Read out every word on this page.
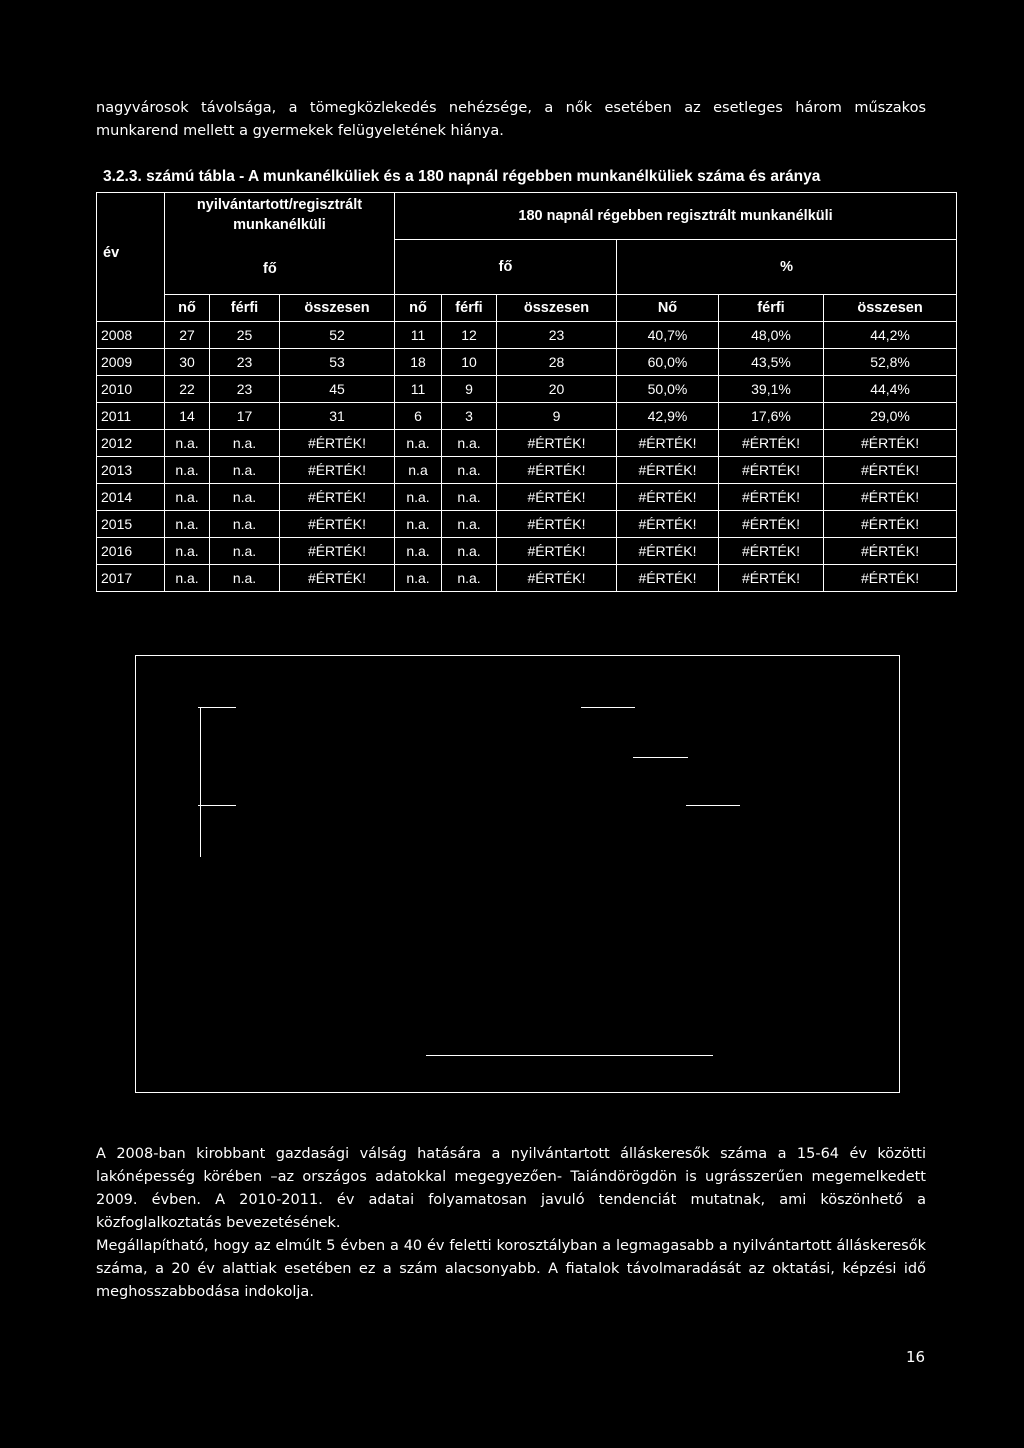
nagyvárosok távolsága, a tömegközlekedés nehézsége, a nők esetében az esetleges három műszakos munkarend mellett a gyermekek felügyeletének hiánya.

3.2.3. számú tábla - A munkanélküliek és a 180 napnál régebben munkanélküliek száma és aránya

év	nyilvántartott/regisztrált munkanélküli			180 napnál régebben regisztrált munkanélküli					
				fő			%		
	nő	férfi	összesen	nő	férfi	összesen	Nő	férfi	összesen
2008	27	25	52	11	12	23	40,7%	48,0%	44,2%
2009	30	23	53	18	10	28	60,0%	43,5%	52,8%
2010	22	23	45	11	9	20	50,0%	39,1%	44,4%
2011	14	17	31	6	3	9	42,9%	17,6%	29,0%
2012	n.a.	n.a.	#ÉRTÉK!	n.a.	n.a.	#ÉRTÉK!	#ÉRTÉK!	#ÉRTÉK!	#ÉRTÉK!
2013	n.a.	n.a.	#ÉRTÉK!	n.a	n.a.	#ÉRTÉK!	#ÉRTÉK!	#ÉRTÉK!	#ÉRTÉK!
2014	n.a.	n.a.	#ÉRTÉK!	n.a.	n.a.	#ÉRTÉK!	#ÉRTÉK!	#ÉRTÉK!	#ÉRTÉK!
2015	n.a.	n.a.	#ÉRTÉK!	n.a.	n.a.	#ÉRTÉK!	#ÉRTÉK!	#ÉRTÉK!	#ÉRTÉK!
2016	n.a.	n.a.	#ÉRTÉK!	n.a.	n.a.	#ÉRTÉK!	#ÉRTÉK!	#ÉRTÉK!	#ÉRTÉK!
2017	n.a.	n.a.	#ÉRTÉK!	n.a.	n.a.	#ÉRTÉK!	#ÉRTÉK!	#ÉRTÉK!	#ÉRTÉK!
fő

A 2008-ban kirobbant gazdasági válság hatására a nyilvántartott álláskeresők száma a 15-64 év közötti lakónépesség körében –az országos adatokkal megegyezően- Taiándörögdön is ugrásszerűen megemelkedett 2009. évben. A 2010-2011. év adatai folyamatosan javuló tendenciát mutatnak, ami köszönhető a közfoglalkoztatás bevezetésének.

Megállapítható, hogy az elmúlt 5 évben a 40 év feletti korosztályban a legmagasabb a nyilvántartott álláskeresők száma, a 20 év alattiak esetében ez a szám alacsonyabb. A fiatalok távolmaradását az oktatási, képzési idő meghosszabbodása indokolja.

16
